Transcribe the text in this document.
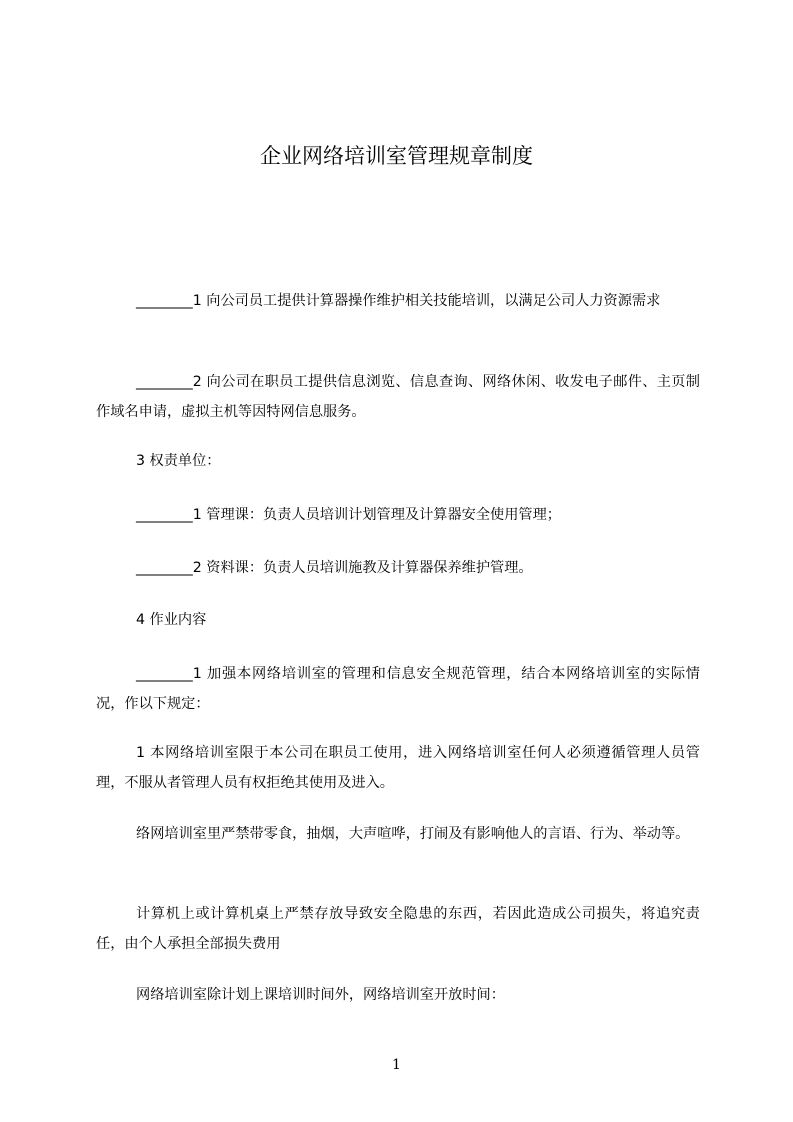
企业网络培训室管理规章制度

________1 向公司员工提供计算器操作维护相关技能培训，以满足公司人力资源需求

________2 向公司在职员工提供信息浏览、信息查询、网络休闲、收发电子邮件、主页制作域名申请，虚拟主机等因特网信息服务。

3 权责单位：

________1 管理课：负责人员培训计划管理及计算器安全使用管理；

________2 资料课：负责人员培训施教及计算器保养维护管理。

4 作业内容

________1 加强本网络培训室的管理和信息安全规范管理，结合本网络培训室的实际情况，作以下规定：

1 本网络培训室限于本公司在职员工使用，进入网络培训室任何人必须遵循管理人员管理，不服从者管理人员有权拒绝其使用及进入。

络网培训室里严禁带零食，抽烟，大声喧哗，打闹及有影响他人的言语、行为、举动等。

计算机上或计算机桌上严禁存放导致安全隐患的东西，若因此造成公司损失，将追究责任，由个人承担全部损失费用

网络培训室除计划上课培训时间外，网络培训室开放时间：

1
